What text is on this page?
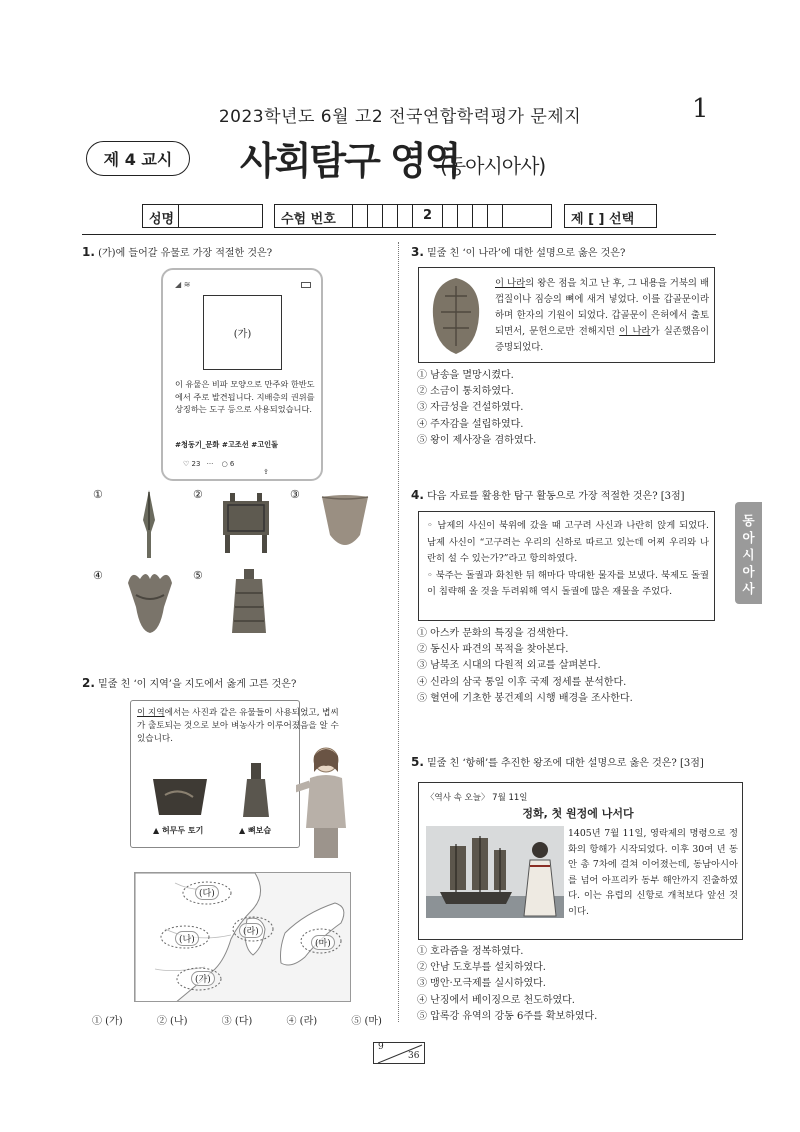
2023학년도 6월 고2 전국연합학력평가 문제지	1
제 4 교시	사회탐구 영역
(동아시아사)
성명	수험 번호	2	제 [ ] 선택
동
아
시
아
사
1. (가)에 들어갈 유물로 가장 적절한 것은?
◢ ≋
(가)
이 유물은 비파 모양으로 만주와 한반도에서 주로 발견됩니다. 지배층의 권위를 상징하는 도구 등으로 사용되었습니다.
#청동기_문화 #고조선 #고인돌
♡ 23 ··· ○ 6 ⇪
①	②	③
④	⑤
2. 밑줄 친 ‘이 지역’을 지도에서 옳게 고른 것은?
이 지역에서는 사진과 같은 유물들이 사용되었고, 볍씨가 출토되는 것으로 보아 벼농사가 이루어졌음을 알 수 있습니다.
▲ 허무두 토기	▲ 뼈보습
(다)
(나)
(라)
(마)
(가)
① (가)	② (나)	③ (다)	④ (라)	⑤ (마)
3. 밑줄 친 ‘이 나라’에 대한 설명으로 옳은 것은?
이 나라의 왕은 점을 치고 난 후, 그 내용을 거북의 배 껍질이나 짐승의 뼈에 새겨 넣었다. 이를 갑골문이라 하며 한자의 기원이 되었다. 갑골문이 은허에서 출토되면서, 문헌으로만 전해지던 이 나라가 실존했음이 증명되었다.
① 남송을 멸망시켰다.
② 소금이 통치하였다.
③ 자금성을 건설하였다.
④ 주자감을 설립하였다.
⑤ 왕이 제사장을 겸하였다.
4. 다음 자료를 활용한 탐구 활동으로 가장 적절한 것은? [3점]
◦ 남제의 사신이 북위에 갔을 때 고구려 사신과 나란히 앉게 되었다. 남제 사신이 “고구려는 우리의 신하로 따르고 있는데 어찌 우리와 나란히 설 수 있는가?”라고 항의하였다.
◦ 북주는 돌궐과 화친한 뒤 해마다 막대한 물자를 보냈다. 북제도 돌궐이 침략해 올 것을 두려워해 역시 돌궐에 많은 재물을 주었다.
① 아스카 문화의 특징을 검색한다.
② 동신사 파견의 목적을 찾아본다.
③ 남북조 시대의 다원적 외교를 살펴본다.
④ 신라의 삼국 통일 이후 국제 정세를 분석한다.
⑤ 혈연에 기초한 봉건제의 시행 배경을 조사한다.
5. 밑줄 친 ‘항해’를 추진한 왕조에 대한 설명으로 옳은 것은? [3점]
〈역사 속 오늘〉 7월 11일
정화, 첫 원정에 나서다
1405년 7월 11일, 영락제의 명령으로 정화의 항해가 시작되었다. 이후 30여 년 동안 총 7차에 걸쳐 이어졌는데, 동남아시아를 넘어 아프리카 동부 해안까지 진출하였다. 이는 유럽의 신항로 개척보다 앞선 것이다.
① 호라즘을 정복하였다.
② 안남 도호부를 설치하였다.
③ 맹안·모극제를 실시하였다.
④ 난징에서 베이징으로 천도하였다.
⑤ 압록강 유역의 강동 6주를 확보하였다.
9
36
